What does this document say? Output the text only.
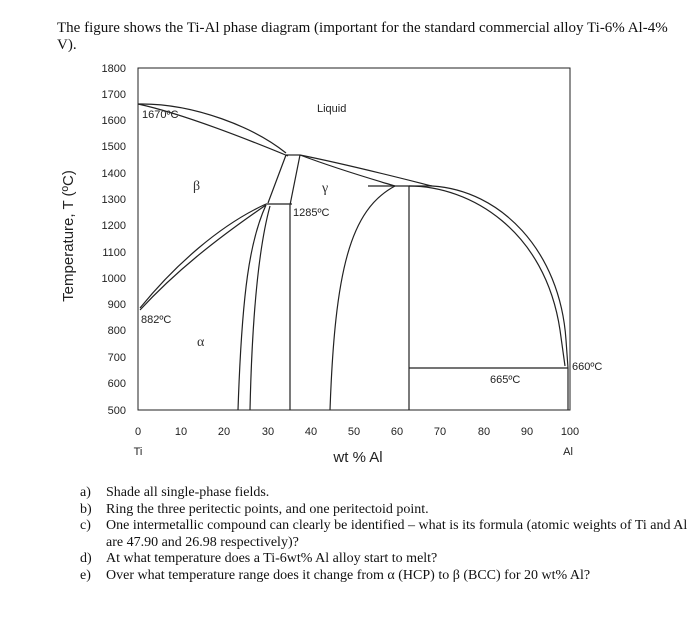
The figure shows the Ti-Al phase diagram (important for the standard commercial alloy Ti-6% Al-4% V).

1800
1700
1600
1500
1400
1300
1200
1100
1000
900
800
700
600
500
0	10	20	30	40	50	60	70	80	90	100
Ti	Al
wt % Al
Temperature, T (ºC)
Liquid
β	γ
α
1670ºC
1285ºC
882ºC
665ºC
660ºC
a) Shade all single-phase fields.
b) Ring the three peritectic points, and one peritectoid point.
c) One intermetallic compound can clearly be identified – what is its formula (atomic weights of Ti and Al are 47.90 and 26.98 respectively)?
d) At what temperature does a Ti-6wt% Al alloy start to melt?
e) Over what temperature range does it change from α (HCP) to β (BCC) for 20 wt% Al?
